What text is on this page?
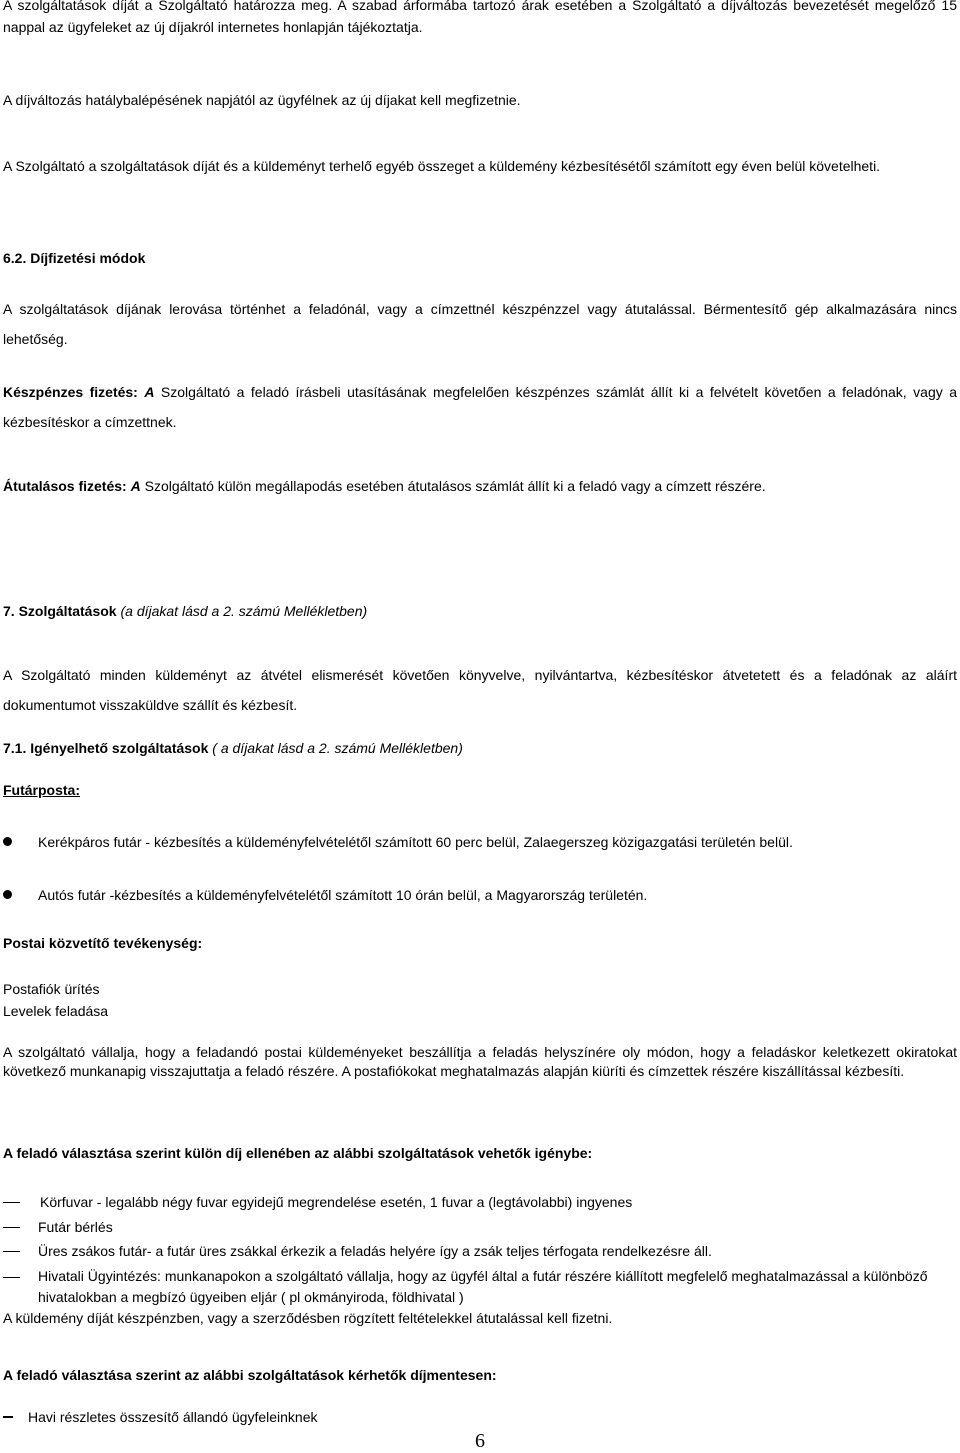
A szolgáltatások díját a Szolgáltató határozza meg. A szabad árformába tartozó árak esetében a Szolgáltató a díjváltozás bevezetését megelőző 15 nappal az ügyfeleket az új díjakról internetes honlapján tájékoztatja.

A díjváltozás hatálybalépésének napjától az ügyfélnek az új díjakat kell megfizetnie.

A Szolgáltató a szolgáltatások díját és a küldeményt terhelő egyéb összeget a küldemény kézbesítésétől számított egy éven belül követelheti.

6.2. Díjfizetési módok

A szolgáltatások díjának lerovása történhet a feladónál, vagy a címzettnél készpénzzel vagy átutalással. Bérmentesítő gép alkalmazására nincs lehetőség.

Készpénzes fizetés: A Szolgáltató a feladó írásbeli utasításának megfelelően készpénzes számlát állít ki a felvételt követően a feladónak, vagy a kézbesítéskor a címzettnek.

Átutalásos fizetés: A Szolgáltató külön megállapodás esetében átutalásos számlát állít ki a feladó vagy a címzett részére.

7. Szolgáltatások (a díjakat lásd a 2. számú Mellékletben)

A Szolgáltató minden küldeményt az átvétel elismerését követően könyvelve, nyilvántartva, kézbesítéskor átvetetett és a feladónak az aláírt dokumentumot visszaküldve szállít és kézbesít.

7.1. Igényelhető szolgáltatások ( a díjakat lásd a 2. számú Mellékletben)

Futárposta:

Kerékpáros futár - kézbesítés a küldeményfelvételétől számított 60 perc belül, Zalaegerszeg közigazgatási területén belül.
Autós futár -kézbesítés a küldeményfelvételétől számított 10 órán belül, a Magyarország területén.

Postai közvetítő tevékenység:

Postafiók ürítés

Levelek feladása

A szolgáltató vállalja, hogy a feladandó postai küldeményeket beszállítja a feladás helyszínére oly módon, hogy a feladáskor keletkezett okiratokat következő munkanapig visszajuttatja a feladó részére. A postafiókokat meghatalmazás alapján kiüríti és címzettek részére kiszállítással kézbesíti.

A feladó választása szerint külön díj ellenében az alábbi szolgáltatások vehetők igénybe:

Körfuvar - legalább négy fuvar egyidejű megrendelése esetén, 1 fuvar a (legtávolabbi) ingyenes
Futár bérlés
Üres zsákos futár- a futár üres zsákkal érkezik a feladás helyére így a zsák teljes térfogata rendelkezésre áll.
Hivatali Ügyintézés: munkanapokon a szolgáltató vállalja, hogy az ügyfél által a futár részére kiállított megfelelő meghatalmazással a különböző hivatalokban a megbízó ügyeiben eljár ( pl okmányiroda, földhivatal )

A küldemény díját készpénzben, vagy a szerződésben rögzített feltételekkel átutalással kell fizetni.

A feladó választása szerint az alábbi szolgáltatások kérhetők díjmentesen:

Havi részletes összesítő állandó ügyfeleinknek
6
